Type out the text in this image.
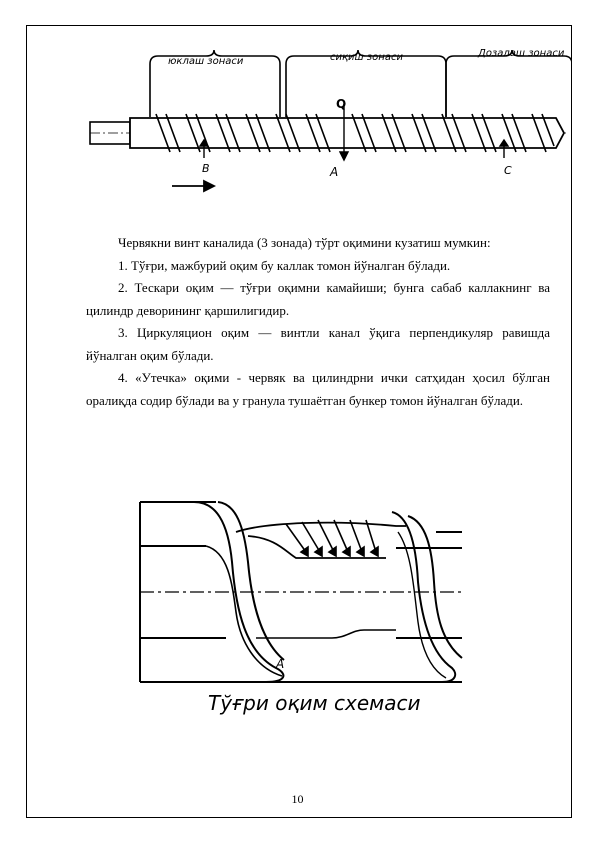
юклаш зонаси	сиқиш зонаси	Дозалаш зонаси
Q
B	A	C

Червякни винт каналида (3 зонада) тўрт оқимини кузатиш мумкин:

1. Тўғри, мажбурий оқим бу каллак томон йўналган бўлади.

2. Тескари оқим — тўғри оқимни камайиши; бунга сабаб каллакнинг ва цилиндр деворининг қаршилигидир.

3. Циркуляцион оқим — винтли канал ўқига перпендикуляр равишда йўналган оқим бўлади.

4. «Утечка» оқими - червяк ва цилиндрни ички сатҳидан ҳосил бўлган оралиқда содир бўлади ва у гранула тушаётган бункер томон йўналган бўлади.

А
Тўғри оқим схемаси
10
